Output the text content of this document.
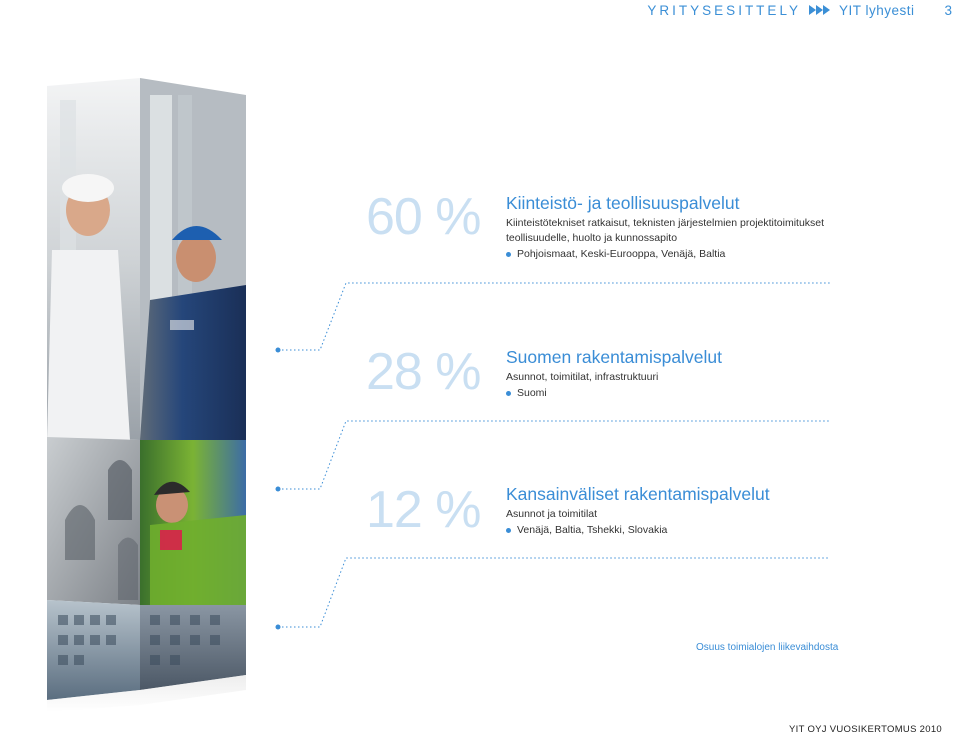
YRITYSESITTELY	YIT lyhyesti 3
60 %	Kiinteistö- ja teollisuuspalvelut
Kiinteistötekniset ratkaisut, teknisten järjestelmien projektitoimitukset
teollisuudelle, huolto ja kunnossapito
Pohjoismaat, Keski-Eurooppa, Venäjä, Baltia
28 %	Suomen rakentamispalvelut
Asunnot, toimitilat, infrastruktuuri
Suomi
12 %	Kansainväliset rakentamispalvelut
Asunnot ja toimitilat
Venäjä, Baltia, Tshekki, Slovakia
Osuus toimialojen liikevaihdosta
YIT OYJ VUOSIKERTOMUS 2010
